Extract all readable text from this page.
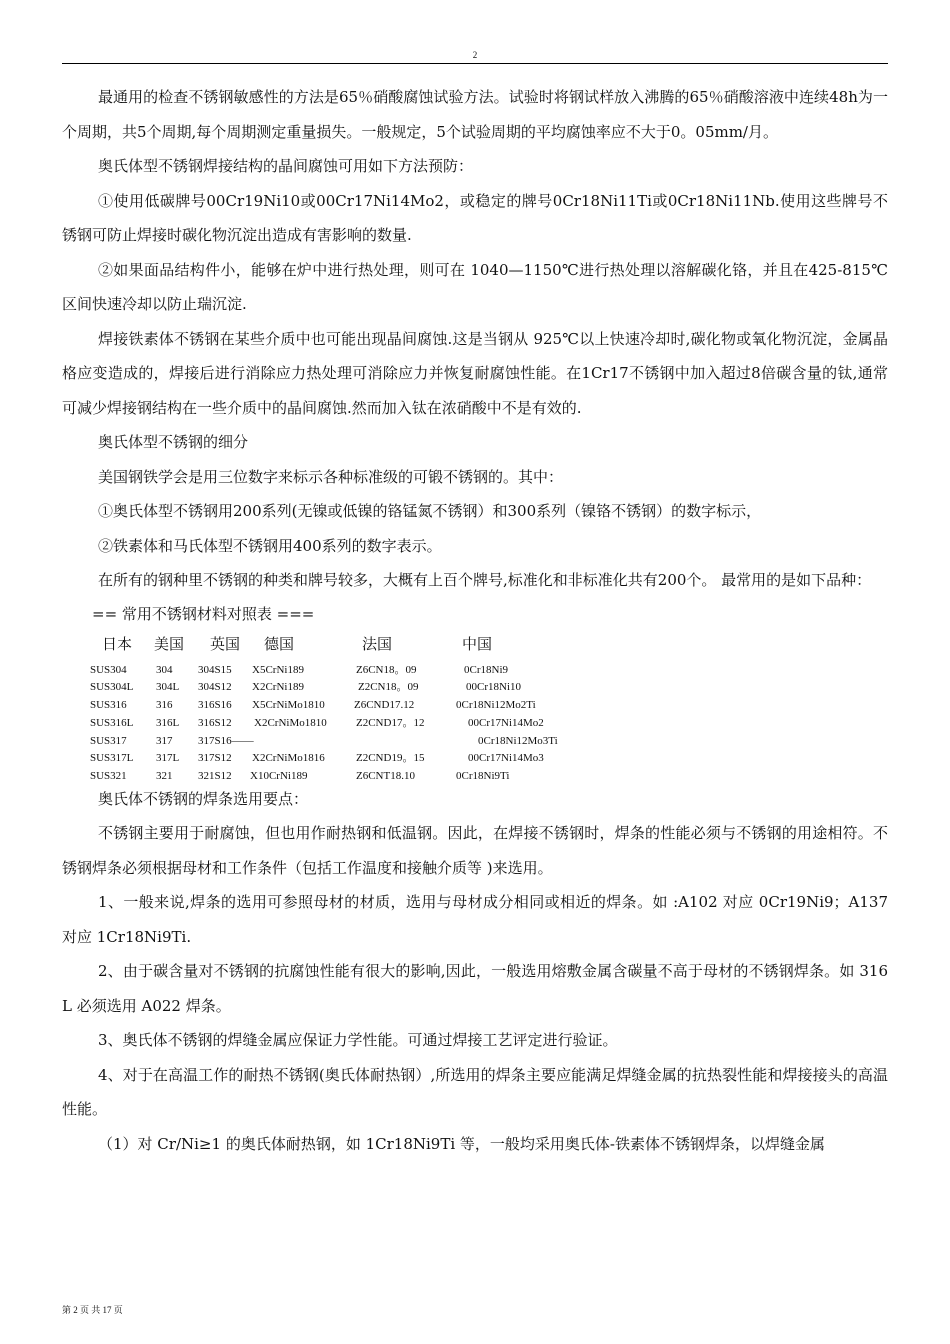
2

最通用的检查不锈钢敏感性的方法是65％硝酸腐蚀试验方法。试验时将钢试样放入沸腾的65％硝酸溶液中连续48h为一个周期，共5个周期,每个周期测定重量损失。一般规定，5个试验周期的平均腐蚀率应不大于0。05mm/月。

奥氏体型不锈钢焊接结构的晶间腐蚀可用如下方法预防：

①使用低碳牌号00Cr19Ni10或00Cr17Ni14Mo2，或稳定的牌号0Cr18Ni11Ti或0Cr18Ni11Nb.使用这些牌号不锈钢可防止焊接时碳化物沉淀出造成有害影响的数量.

②如果面品结构件小，能够在炉中进行热处理，则可在 1040—1150℃进行热处理以溶解碳化铬，并且在425-815℃区间快速冷却以防止瑞沉淀.

焊接铁素体不锈钢在某些介质中也可能出现晶间腐蚀.这是当钢从 925℃以上快速冷却时,碳化物或氧化物沉淀，金属晶格应变造成的，焊接后进行消除应力热处理可消除应力并恢复耐腐蚀性能。在1Cr17不锈钢中加入超过8倍碳含量的钛,通常可减少焊接钢结构在一些介质中的晶间腐蚀.然而加入钛在浓硝酸中不是有效的.

奥氏体型不锈钢的细分

美国钢铁学会是用三位数字来标示各种标准级的可锻不锈钢的。其中：

①奥氏体型不锈钢用200系列(无镍或低镍的铬锰氮不锈钢）和300系列（镍铬不锈钢）的数字标示，

②铁素体和马氏体型不锈钢用400系列的数字表示。

在所有的钢种里不锈钢的种类和牌号较多，大概有上百个牌号,标准化和非标准化共有200个。 最常用的是如下品种：

== 常用不锈钢材料对照表 ===

日本 美国 英国 德国	法国	中国
SUS304	304 304S15 X5CrNi189	Z6CN18。09	0Cr18Ni9
SUS304L 304L 304S12 X2CrNi189	Z2CN18。09	00Cr18Ni10
SUS316	316 316S16 X5CrNiMo1810	Z6CND17.12	0Cr18Ni12Mo2Ti
SUS316L 316L 316S12 X2CrNiMo1810	Z2CND17。12	00Cr17Ni14Mo2
SUS317	317 317S16——	0Cr18Ni12Mo3Ti
SUS317L 317L 317S12 X2CrNiMo1816	Z2CND19。15	00Cr17Ni14Mo3
SUS321	321 321S12 X10CrNi189	Z6CNT18.10	0Cr18Ni9Ti

奥氏体不锈钢的焊条选用要点：

不锈钢主要用于耐腐蚀，但也用作耐热钢和低温钢。因此，在焊接不锈钢时，焊条的性能必须与不锈钢的用途相符。不锈钢焊条必须根据母材和工作条件（包括工作温度和接触介质等 )来选用。

1、一般来说,焊条的选用可参照母材的材质，选用与母材成分相同或相近的焊条。如 :A102 对应 0Cr19Ni9；A137 对应 1Cr18Ni9Ti.

2、由于碳含量对不锈钢的抗腐蚀性能有很大的影响,因此，一般选用熔敷金属含碳量不高于母材的不锈钢焊条。如 316L 必须选用 A022 焊条。

3、奥氏体不锈钢的焊缝金属应保证力学性能。可通过焊接工艺评定进行验证。

4、对于在高温工作的耐热不锈钢(奥氏体耐热钢）,所选用的焊条主要应能满足焊缝金属的抗热裂性能和焊接接头的高温性能。

（1）对 Cr/Ni≥1 的奥氏体耐热钢，如 1Cr18Ni9Ti 等，一般均采用奥氏体-铁素体不锈钢焊条，以焊缝金属

第 2 页 共 17 页
